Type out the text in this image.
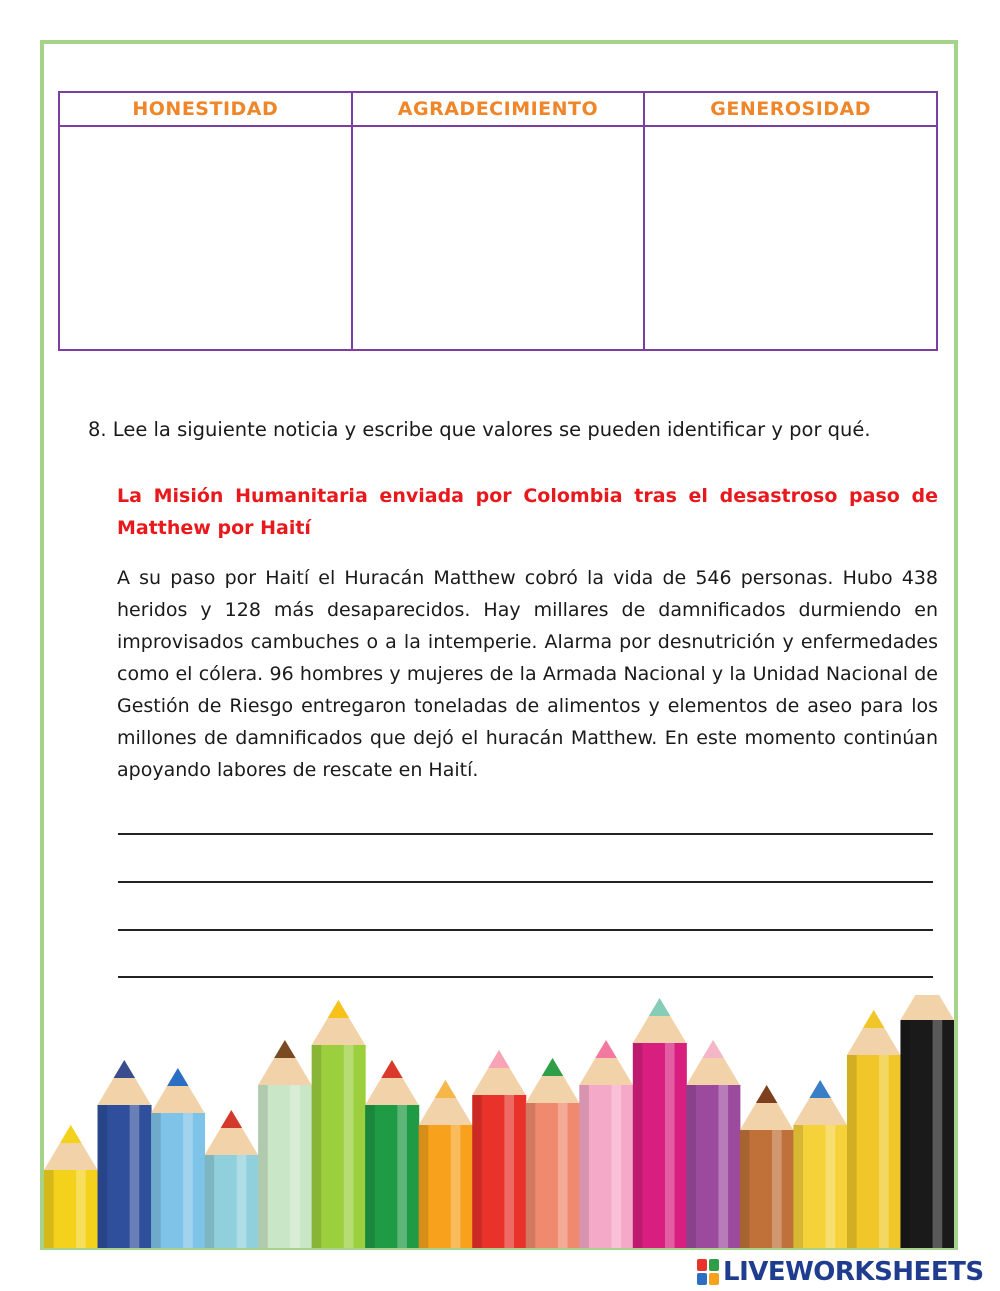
HONESTIDAD	AGRADECIMIENTO	GENEROSIDAD

8. Lee la siguiente noticia y escribe que valores se pueden identificar y por qué.
La Misión Humanitaria enviada por Colombia tras el desastroso paso de Matthew por Haití
A su paso por Haití el Huracán Matthew cobró la vida de 546 personas. Hubo 438 heridos y 128 más desaparecidos. Hay millares de damnificados durmiendo en improvisados cambuches o a la intemperie. Alarma por desnutrición y enfermedades como el cólera. 96 hombres y mujeres de la Armada Nacional y la Unidad Nacional de Gestión de Riesgo entregaron toneladas de alimentos y elementos de aseo para los millones de damnificados que dejó el huracán Matthew. En este momento continúan apoyando labores de rescate en Haití.
LIVEWORKSHEETS
